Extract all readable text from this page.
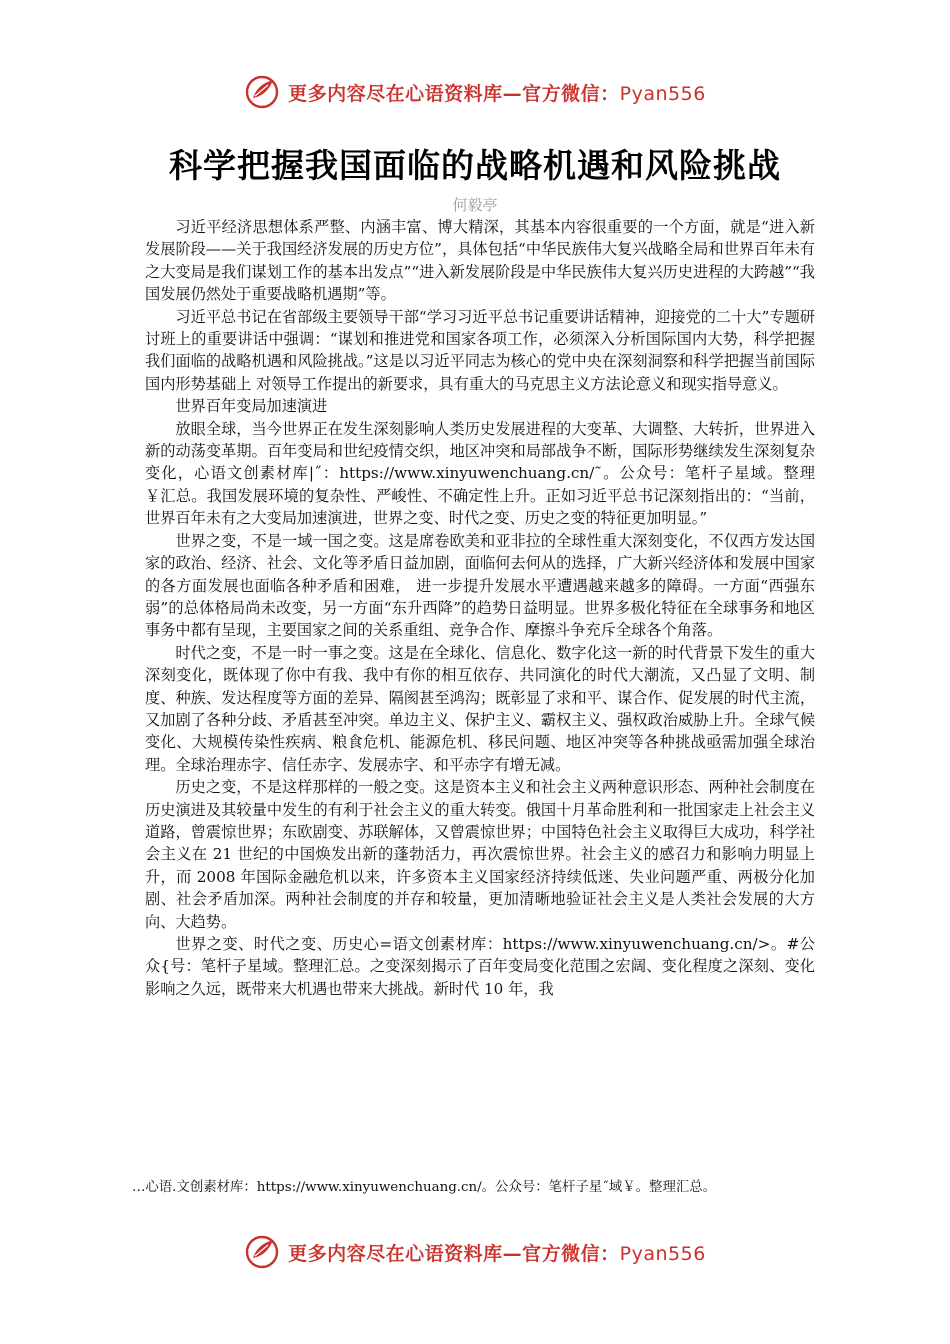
更多内容尽在心语资料库—官方微信：Pyan556
科学把握我国面临的战略机遇和风险挑战
何毅亭

习近平经济思想体系严整、内涵丰富、博大精深，其基本内容很重要的一个方面，就是“进入新发展阶段——关于我国经济发展的历史方位”，具体包括“中华民族伟大复兴战略全局和世界百年未有之大变局是我们谋划工作的基本出发点”“进入新发展阶段是中华民族伟大复兴历史进程的大跨越”“我国发展仍然处于重要战略机遇期”等。

习近平总书记在省部级主要领导干部“学习习近平总书记重要讲话精神，迎接党的二十大”专题研讨班上的重要讲话中强调：“谋划和推进党和国家各项工作，必须深入分析国际国内大势，科学把握我们面临的战略机遇和风险挑战。”这是以习近平同志为核心的党中央在深刻洞察和科学把握当前国际国内形势基础上 对领导工作提出的新要求，具有重大的马克思主义方法论意义和现实指导意义。

世界百年变局加速演进

放眼全球，当今世界正在发生深刻影响人类历史发展进程的大变革、大调整、大转折，世界进入新的动荡变革期。百年变局和世纪疫情交织，地区冲突和局部战争不断，国际形势继续发生深刻复杂变化，心语文创素材库|˝：https://www.xinyuwenchuang.cn/˜。公众号：笔杆子星域。整理￥汇总。我国发展环境的复杂性、严峻性、不确定性上升。正如习近平总书记深刻指出的：“当前，世界百年未有之大变局加速演进，世界之变、时代之变、历史之变的特征更加明显。”

世界之变，不是一域一国之变。这是席卷欧美和亚非拉的全球性重大深刻变化，不仅西方发达国家的政治、经济、社会、文化等矛盾日益加剧，面临何去何从的选择，广大新兴经济体和发展中国家的各方面发展也面临各种矛盾和困难， 进一步提升发展水平遭遇越来越多的障碍。一方面“西强东弱”的总体格局尚未改变，另一方面“东升西降”的趋势日益明显。世界多极化特征在全球事务和地区事务中都有呈现，主要国家之间的关系重组、竞争合作、摩擦斗争充斥全球各个角落。

时代之变，不是一时一事之变。这是在全球化、信息化、数字化这一新的时代背景下发生的重大深刻变化，既体现了你中有我、我中有你的相互依存、共同演化的时代大潮流，又凸显了文明、制度、种族、发达程度等方面的差异、隔阂甚至鸿沟；既彰显了求和平、谋合作、促发展的时代主流，又加剧了各种分歧、矛盾甚至冲突。单边主义、保护主义、霸权主义、强权政治威胁上升。全球气候变化、大规模传染性疾病、粮食危机、能源危机、移民问题、地区冲突等各种挑战亟需加强全球治理。全球治理赤字、信任赤字、发展赤字、和平赤字有增无减。

历史之变，不是这样那样的一般之变。这是资本主义和社会主义两种意识形态、两种社会制度在历史演进及其较量中发生的有利于社会主义的重大转变。俄国十月革命胜利和一批国家走上社会主义道路，曾震惊世界；东欧剧变、苏联解体，又曾震惊世界；中国特色社会主义取得巨大成功，科学社会主义在 21 世纪的中国焕发出新的蓬勃活力，再次震惊世界。社会主义的感召力和影响力明显上升，而 2008 年国际金融危机以来，许多资本主义国家经济持续低迷、失业问题严重、两极分化加剧、社会矛盾加深。两种社会制度的并存和较量，更加清晰地验证社会主义是人类社会发展的大方向、大趋势。

世界之变、时代之变、历史心=语文创素材库：https://www.xinyuwenchuang.cn/>。#公众{号：笔杆子星域。整理汇总。之变深刻揭示了百年变局变化范围之宏阔、变化程度之深刻、变化影响之久远，既带来大机遇也带来大挑战。新时代 10 年，我

…心语.文创素材库：https://www.xinyuwenchuang.cn/。公众号：笔杆子星˝域￥。整理汇总。
更多内容尽在心语资料库—官方微信：Pyan556
